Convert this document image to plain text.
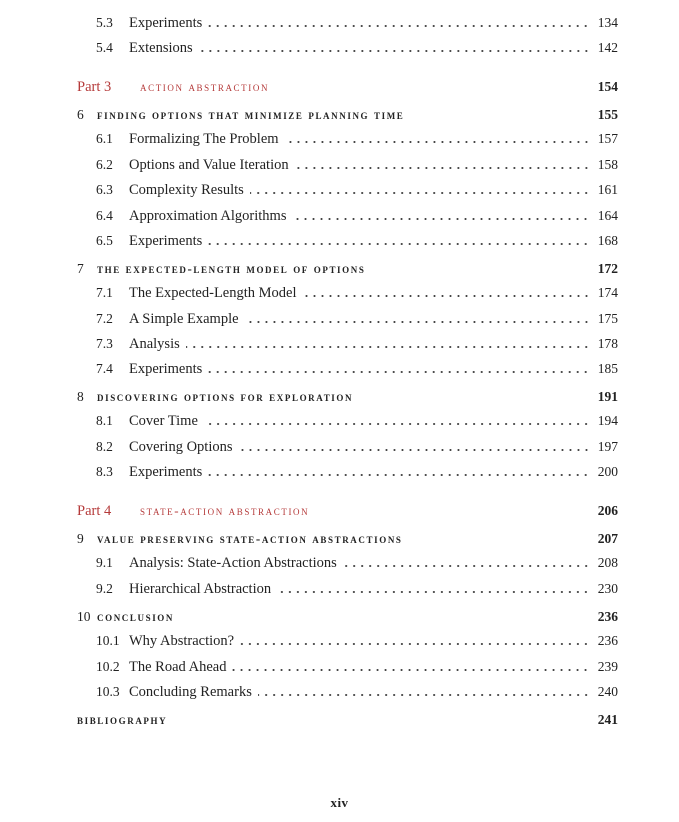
5.3	Experiments	134
5.4	Extensions	142
Part 3	action abstraction	154
6	finding options that minimize planning time	155
6.1	Formalizing The Problem	157
6.2	Options and Value Iteration	158
6.3	Complexity Results	161
6.4	Approximation Algorithms	164
6.5	Experiments	168
7	the expected-length model of options	172
7.1	The Expected-Length Model	174
7.2	A Simple Example	175
7.3	Analysis	178
7.4	Experiments	185
8	discovering options for exploration	191
8.1	Cover Time	194
8.2	Covering Options	197
8.3	Experiments	200
Part 4	state-action abstraction	206
9	value preserving state-action abstractions	207
9.1	Analysis: State-Action Abstractions	208
9.2	Hierarchical Abstraction	230
10 conclusion	236
10.1 Why Abstraction?	236
10.2 The Road Ahead	239
10.3 Concluding Remarks	240
bibliography	241
xiv
